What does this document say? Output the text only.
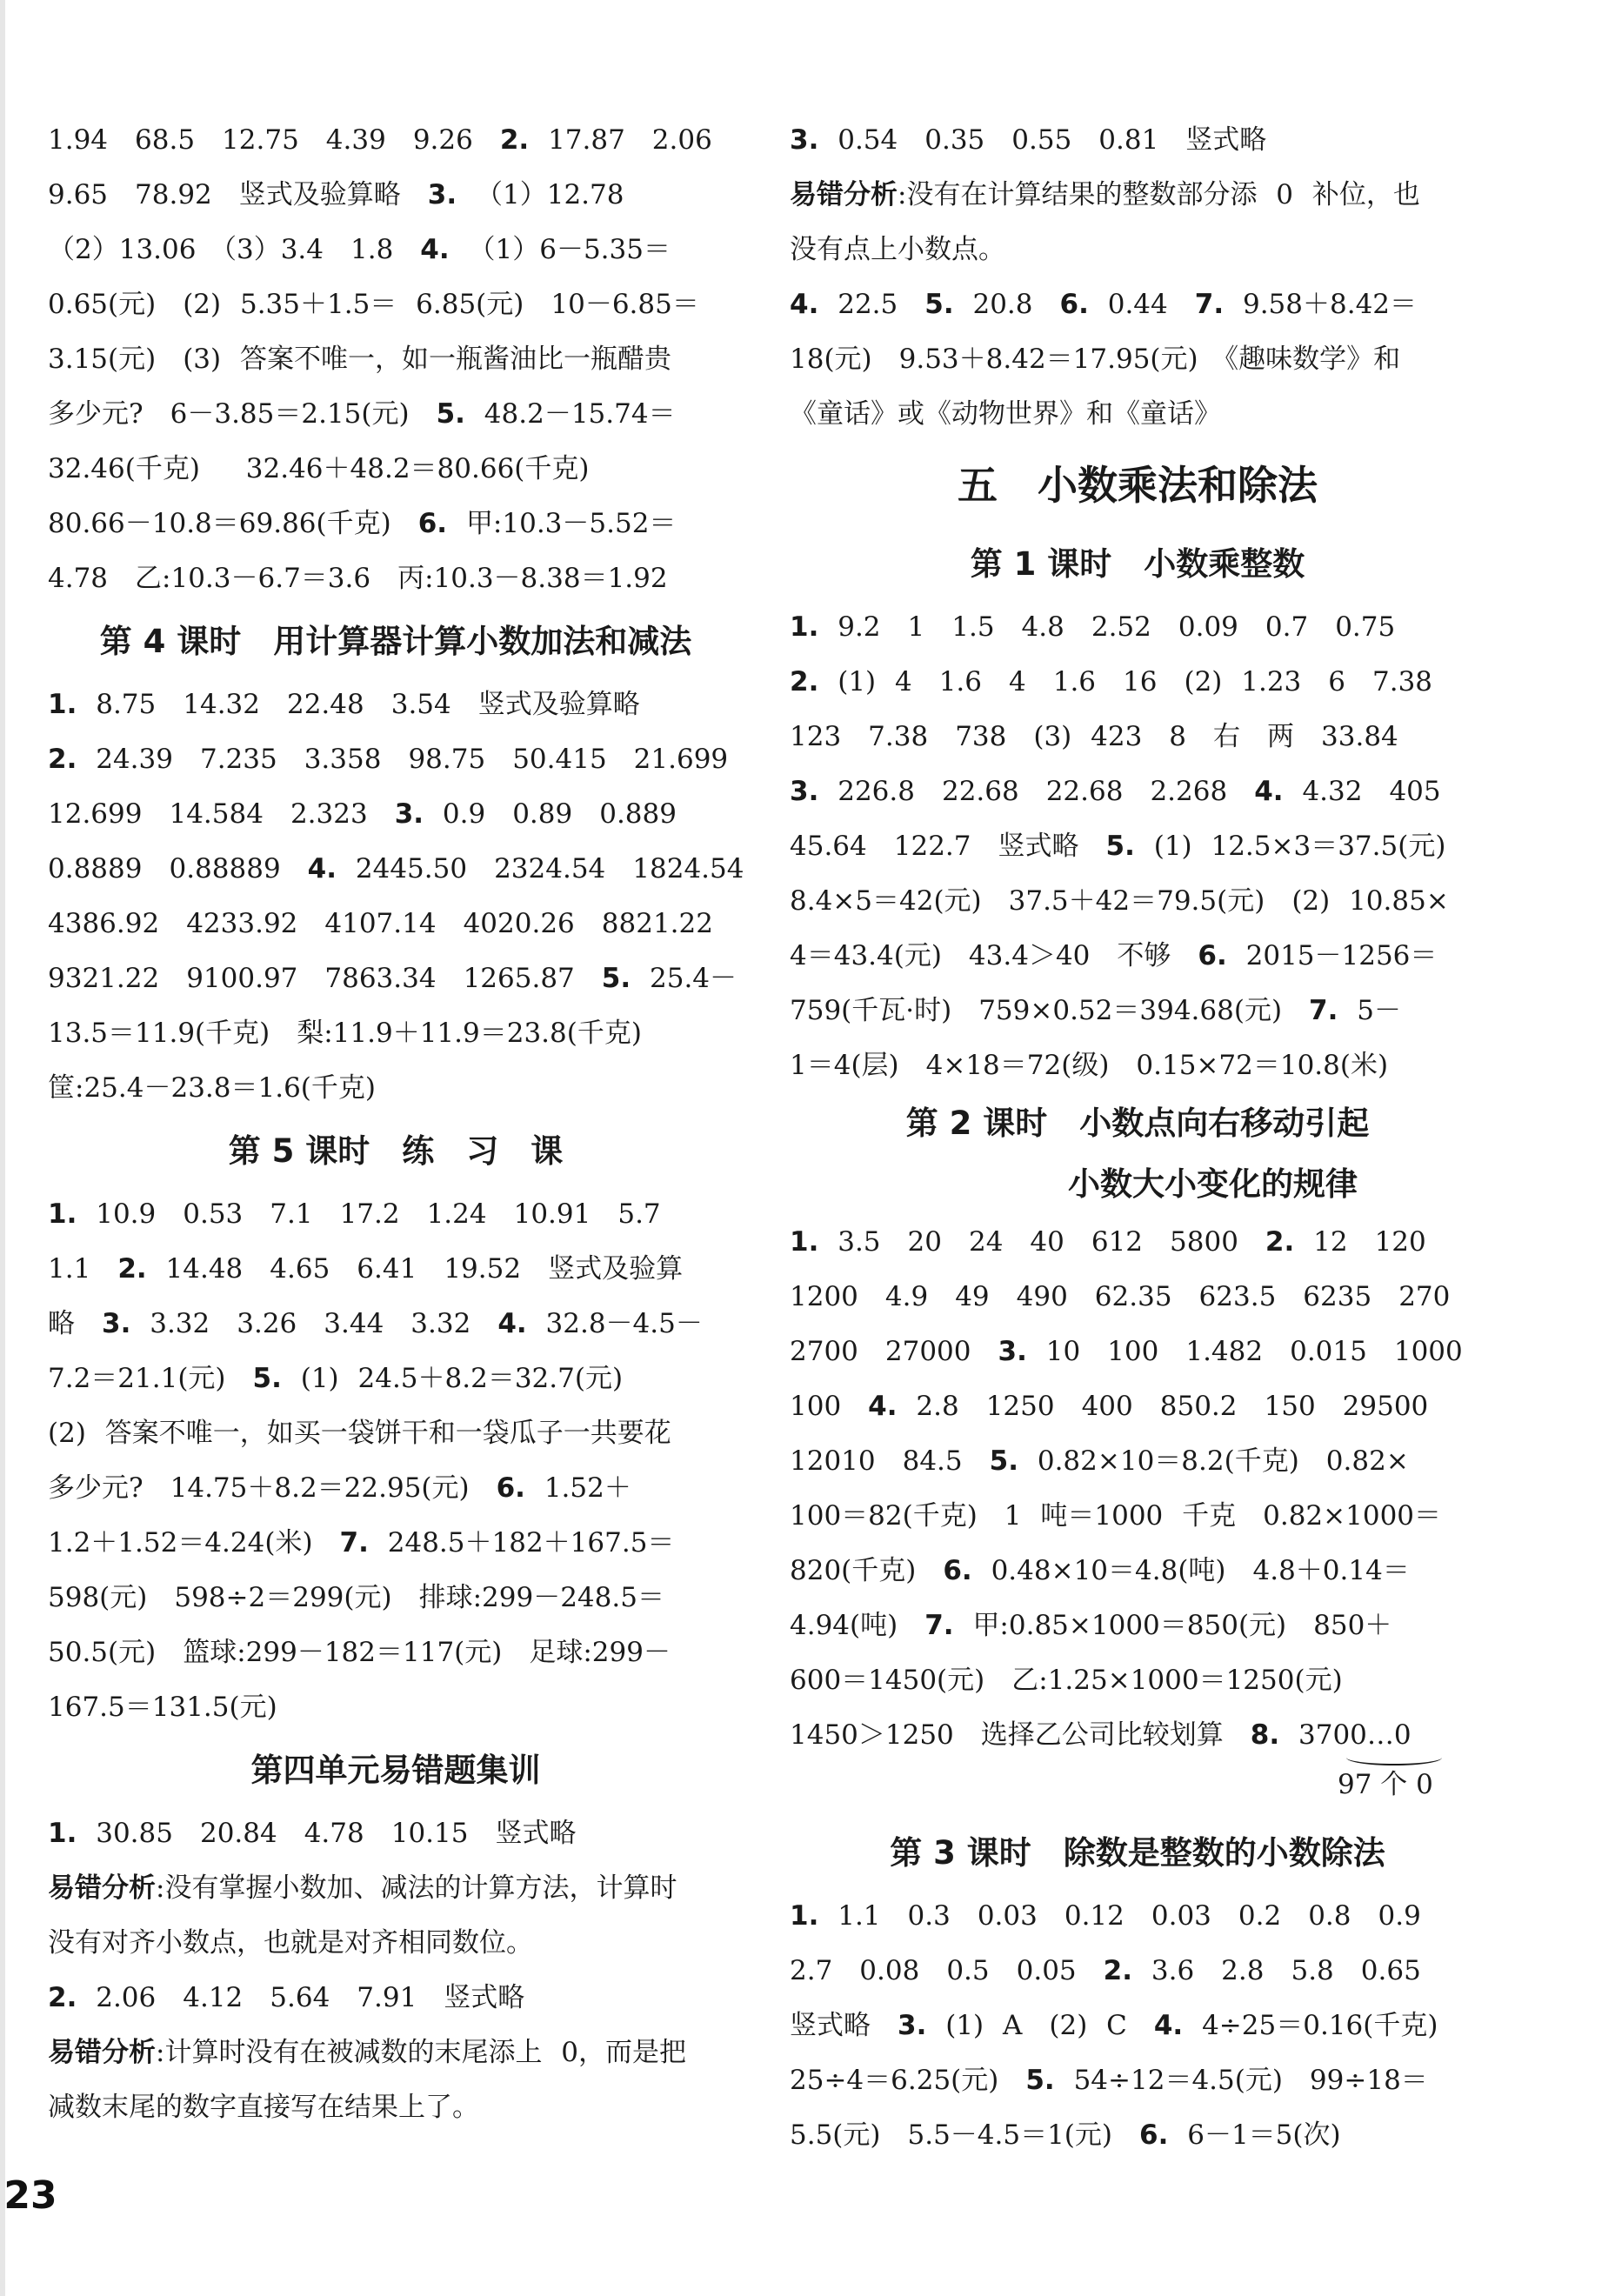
1.94　68.5　12.75　4.39　9.26　 2. 17.87　2.06
9.65　78.92　竖式及验算略　 3. （1）12.78
（2）13.06　（3）3.4　1.8　 4. （1）6－5.35＝
0.65(元)　(2) 5.35＋1.5＝ 6.85(元)　10－6.85＝
3.15(元)　(3) 答案不唯一，如一瓶酱油比一瓶醋贵
多少元?　6－3.85＝2.15(元)　 5. 48.2－15.74＝
32.46(千克)　 32.46＋48.2＝80.66(千克)
80.66－10.8＝69.86(千克)　 6. 甲:10.3－5.52＝
4.78　乙:10.3－6.7＝3.6　丙:10.3－8.38＝1.92
第 4 课时　用计算器计算小数加法和减法
1. 8.75　14.32　22.48　3.54　竖式及验算略
2. 24.39　7.235　3.358　98.75　50.415　21.699
12.699　14.584　2.323　 3. 0.9　0.89　0.889
0.8889　0.88889　 4. 2445.50　2324.54　1824.54
4386.92　4233.92　4107.14　4020.26　8821.22
9321.22　9100.97　7863.34　1265.87　 5. 25.4－
13.5＝11.9(千克)　梨:11.9＋11.9＝23.8(千克)
筐:25.4－23.8＝1.6(千克)
第 5 课时　练　习　课
1. 10.9　0.53　7.1　17.2　1.24　10.91　5.7
1.1　 2. 14.48　4.65　6.41　19.52　竖式及验算
略　 3. 3.32　3.26　3.44　3.32　 4. 32.8－4.5－
7.2＝21.1(元)　 5. (1) 24.5＋8.2＝32.7(元)
(2) 答案不唯一，如买一袋饼干和一袋瓜子一共要花
多少元?　14.75＋8.2＝22.95(元)　 6. 1.52＋
1.2＋1.52＝4.24(米)　 7. 248.5＋182＋167.5＝
598(元)　598÷2＝299(元)　排球:299－248.5＝
50.5(元)　篮球:299－182＝117(元)　足球:299－
167.5＝131.5(元)
第四单元易错题集训
1. 30.85　20.84　4.78　10.15　竖式略
易错分析:没有掌握小数加、减法的计算方法，计算时
没有对齐小数点，也就是对齐相同数位。
2. 2.06　4.12　5.64　7.91　竖式略
易错分析:计算时没有在被减数的末尾添上 0，而是把
减数末尾的数字直接写在结果上了。
3. 0.54　0.35　0.55　0.81　竖式略
易错分析:没有在计算结果的整数部分添 0 补位，也
没有点上小数点。
4. 22.5　 5. 20.8　 6. 0.44　 7. 9.58＋8.42＝
18(元)　9.53＋8.42＝17.95(元)　《趣味数学》和
《童话》或《动物世界》和《童话》
五　小数乘法和除法
第 1 课时　小数乘整数
1. 9.2　1　1.5　4.8　2.52　0.09　0.7　0.75
2. (1) 4　1.6　4　1.6　16　(2) 1.23　6　7.38
123　7.38　738　(3) 423　8　右　两　33.84
3. 226.8　22.68　22.68　2.268　 4. 4.32　405
45.64　122.7　竖式略　 5. (1) 12.5×3＝37.5(元)
8.4×5＝42(元)　37.5＋42＝79.5(元)　(2) 10.85×
4＝43.4(元)　43.4＞40　不够　 6. 2015－1256＝
759(千瓦·时)　759×0.52＝394.68(元)　 7. 5－
1＝4(层)　4×18＝72(级)　0.15×72＝10.8(米)
第 2 课时　小数点向右移动引起
小数大小变化的规律
1. 3.5　20　24　40　612　5800　 2. 12　120
1200　4.9　49　490　62.35　623.5　6235　270
2700　27000　 3. 10　100　1.482　0.015　1000
100　 4. 2.8　1250　400　850.2　150　29500
12010　84.5　 5. 0.82×10＝8.2(千克)　0.82×
100＝82(千克)　1 吨＝1000 千克　0.82×1000＝
820(千克)　 6. 0.48×10＝4.8(吨)　4.8＋0.14＝
4.94(吨)　 7. 甲:0.85×1000＝850(元)　850＋
600＝1450(元)　乙:1.25×1000＝1250(元)
1450＞1250　选择乙公司比较划算　 8. 3700…0
97 个 0
第 3 课时　除数是整数的小数除法
1. 1.1　0.3　0.03　0.12　0.03　0.2　0.8　0.9
2.7　0.08　0.5　0.05　 2. 3.6　2.8　5.8　0.65
竖式略　 3. (1) A　(2) C　 4. 4÷25＝0.16(千克)
25÷4＝6.25(元)　 5. 54÷12＝4.5(元)　99÷18＝
5.5(元)　5.5－4.5＝1(元)　 6. 6－1＝5(次)
23
